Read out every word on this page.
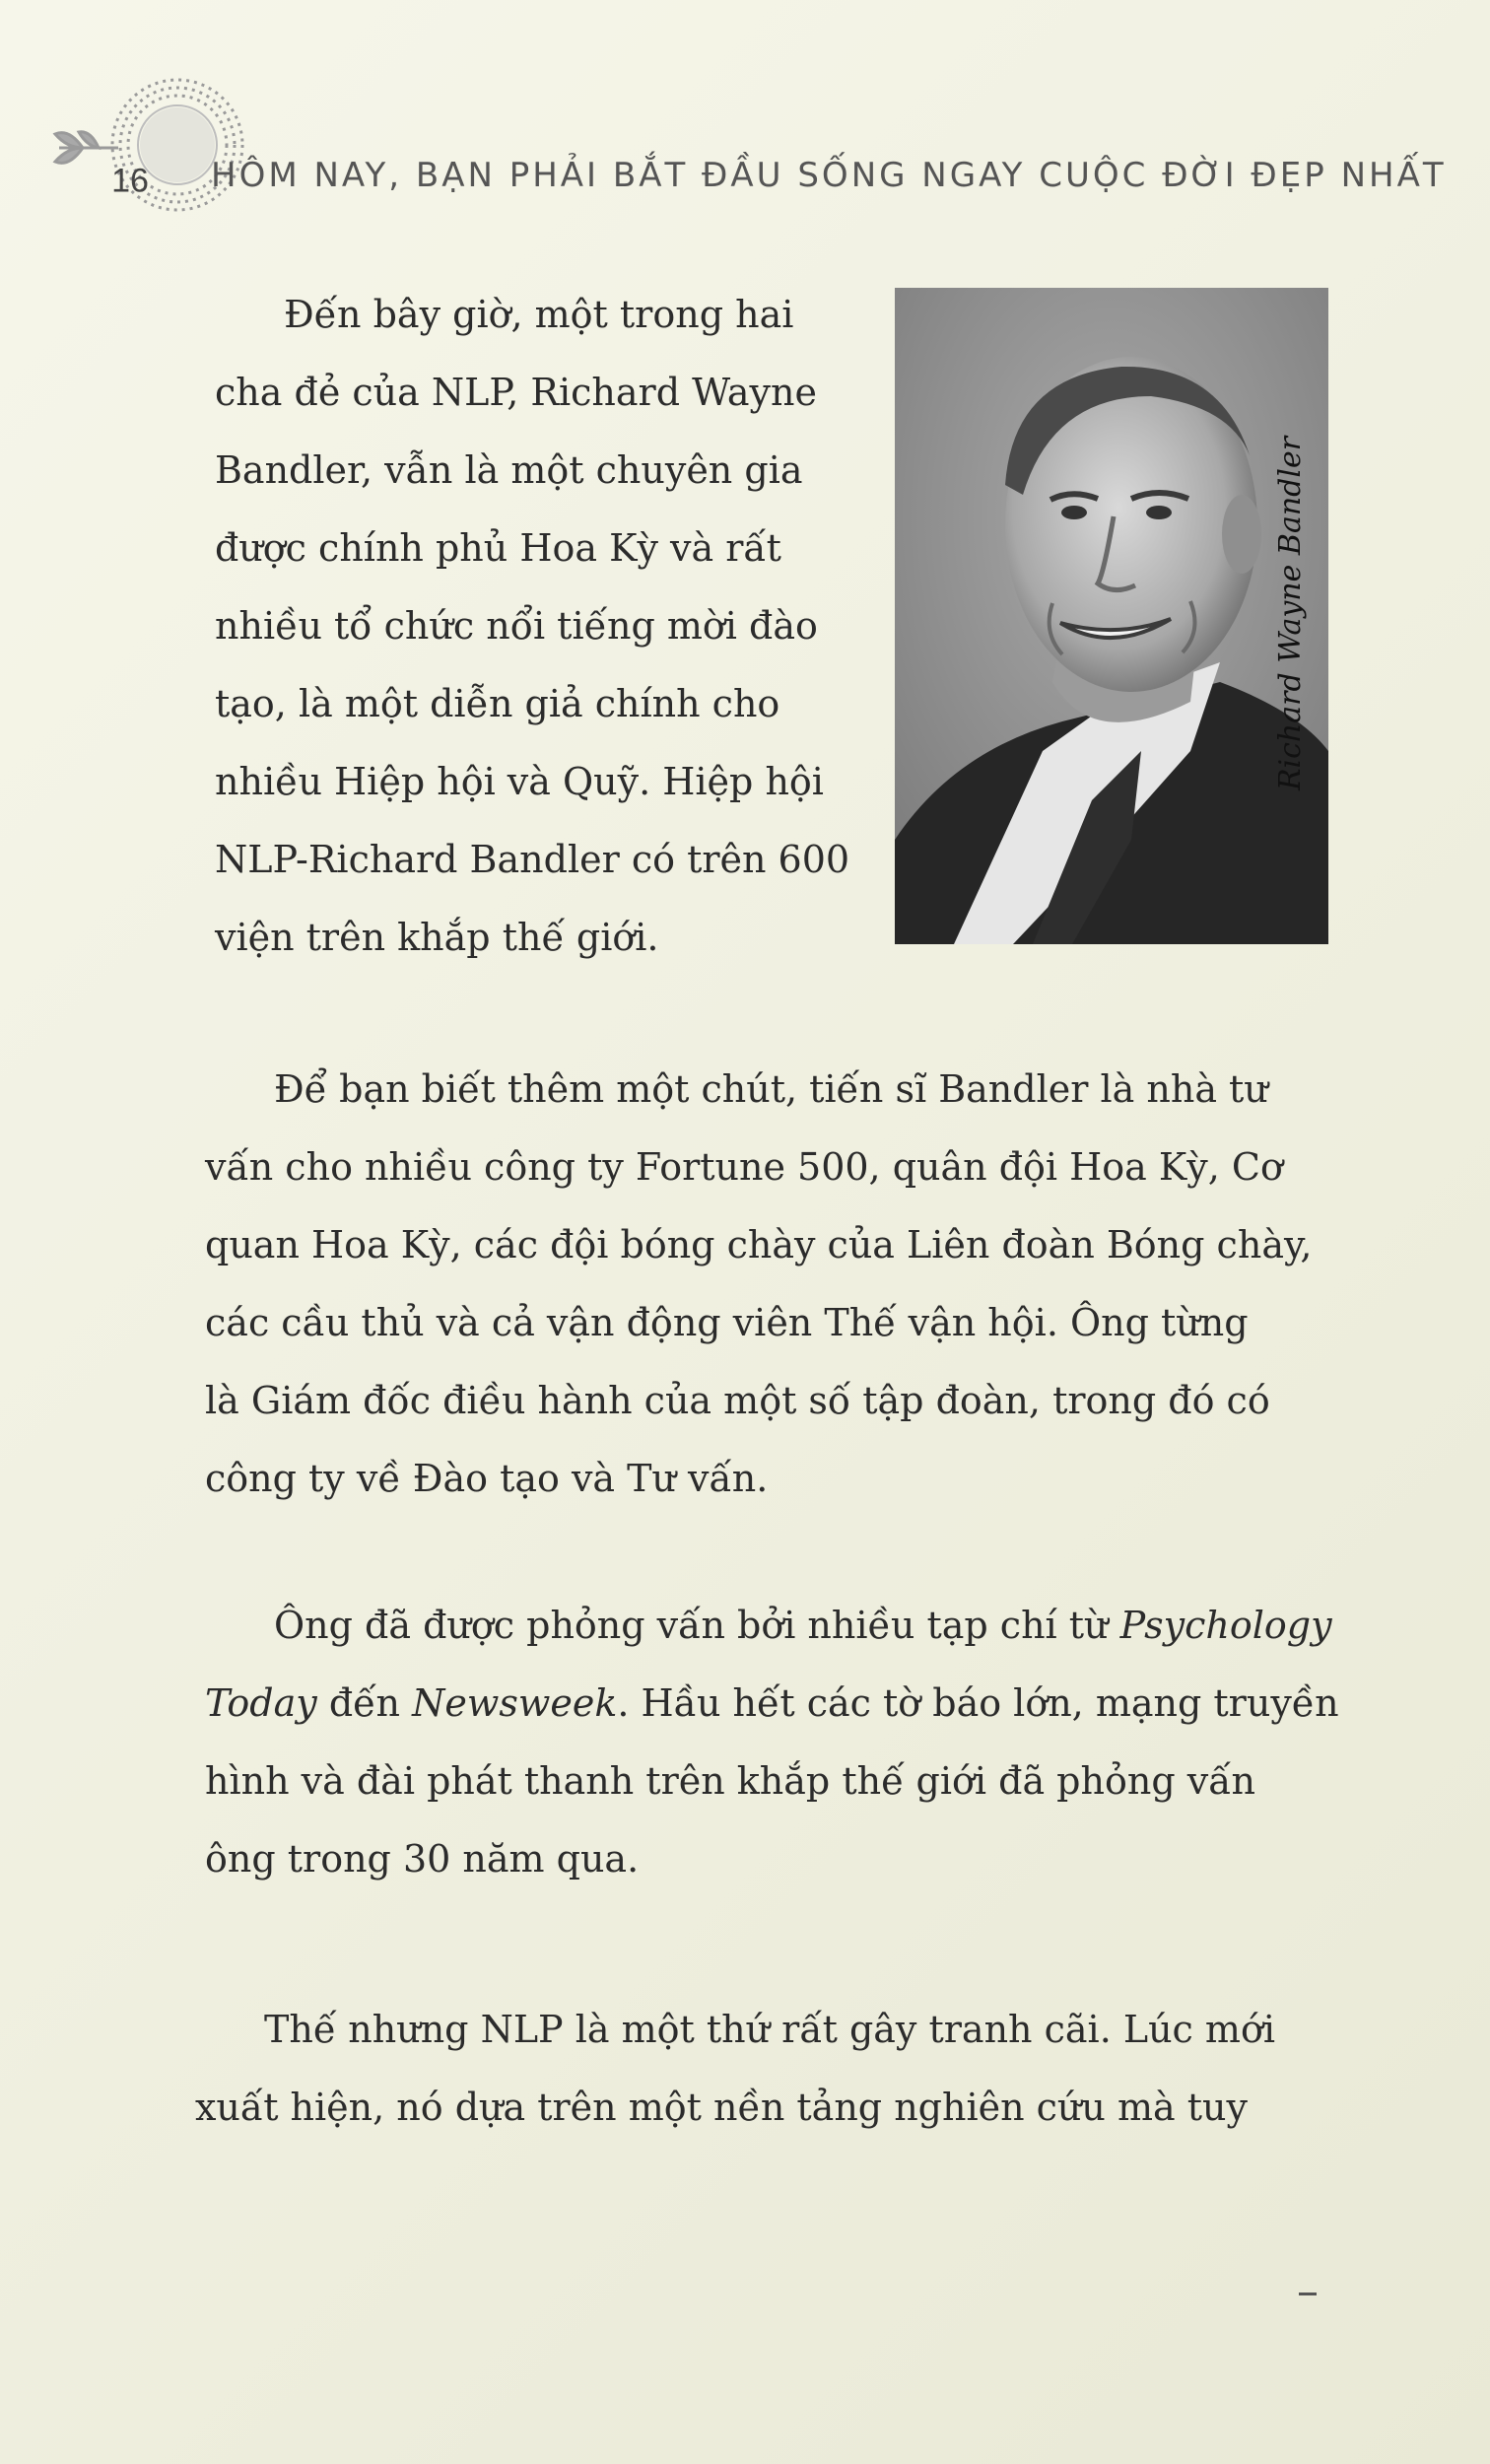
16	HÔM NAY, BẠN PHẢI BẮT ĐẦU SỐNG NGAY CUỘC ĐỜI ĐẸP NHẤT
Richard Wayne Bandler

Đến bây giờ, một trong hai
cha đẻ của NLP, Richard Wayne
Bandler, vẫn là một chuyên gia
được chính phủ Hoa Kỳ và rất
nhiều tổ chức nổi tiếng mời đào
tạo, là một diễn giả chính cho
nhiều Hiệp hội và Quỹ. Hiệp hội
NLP-Richard Bandler có trên 600
viện trên khắp thế giới.

Để bạn biết thêm một chút, tiến sĩ Bandler là nhà tư
vấn cho nhiều công ty Fortune 500, quân đội Hoa Kỳ, Cơ
quan Hoa Kỳ, các đội bóng chày của Liên đoàn Bóng chày,
các cầu thủ và cả vận động viên Thế vận hội. Ông từng
là Giám đốc điều hành của một số tập đoàn, trong đó có
công ty về Đào tạo và Tư vấn.

Ông đã được phỏng vấn bởi nhiều tạp chí từ Psychology
Today đến Newsweek. Hầu hết các tờ báo lớn, mạng truyền
hình và đài phát thanh trên khắp thế giới đã phỏng vấn
ông trong 30 năm qua.

Thế nhưng NLP là một thứ rất gây tranh cãi. Lúc mới
xuất hiện, nó dựa trên một nền tảng nghiên cứu mà tuy
